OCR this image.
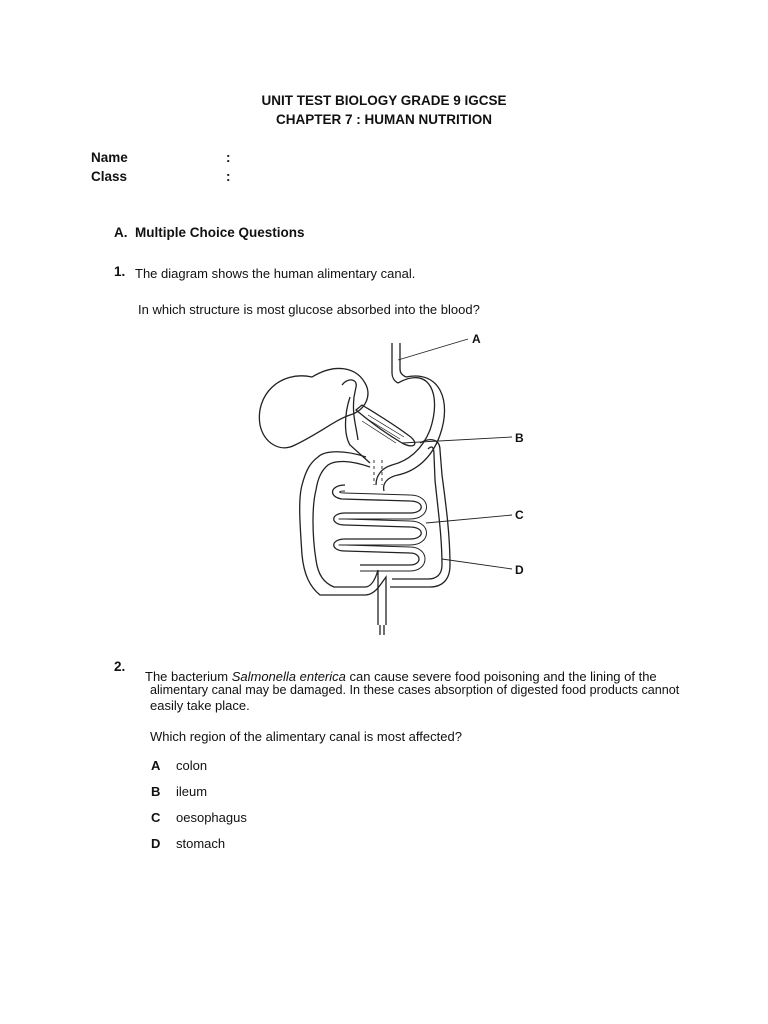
UNIT TEST BIOLOGY GRADE 9 IGCSE
CHAPTER 7 : HUMAN NUTRITION
Name	:
Class	:
A.  Multiple Choice Questions
1. The diagram shows the human alimentary canal.
In which structure is most glucose absorbed into the blood?
A
B
C
D
2.
The bacterium Salmonella enterica can cause severe food poisoning and the lining of the
alimentary canal may be damaged. In these cases absorption of digested food products cannot
easily take place.
Which region of the alimentary canal is most affected?
A colon
B ileum
C oesophagus
D stomach
